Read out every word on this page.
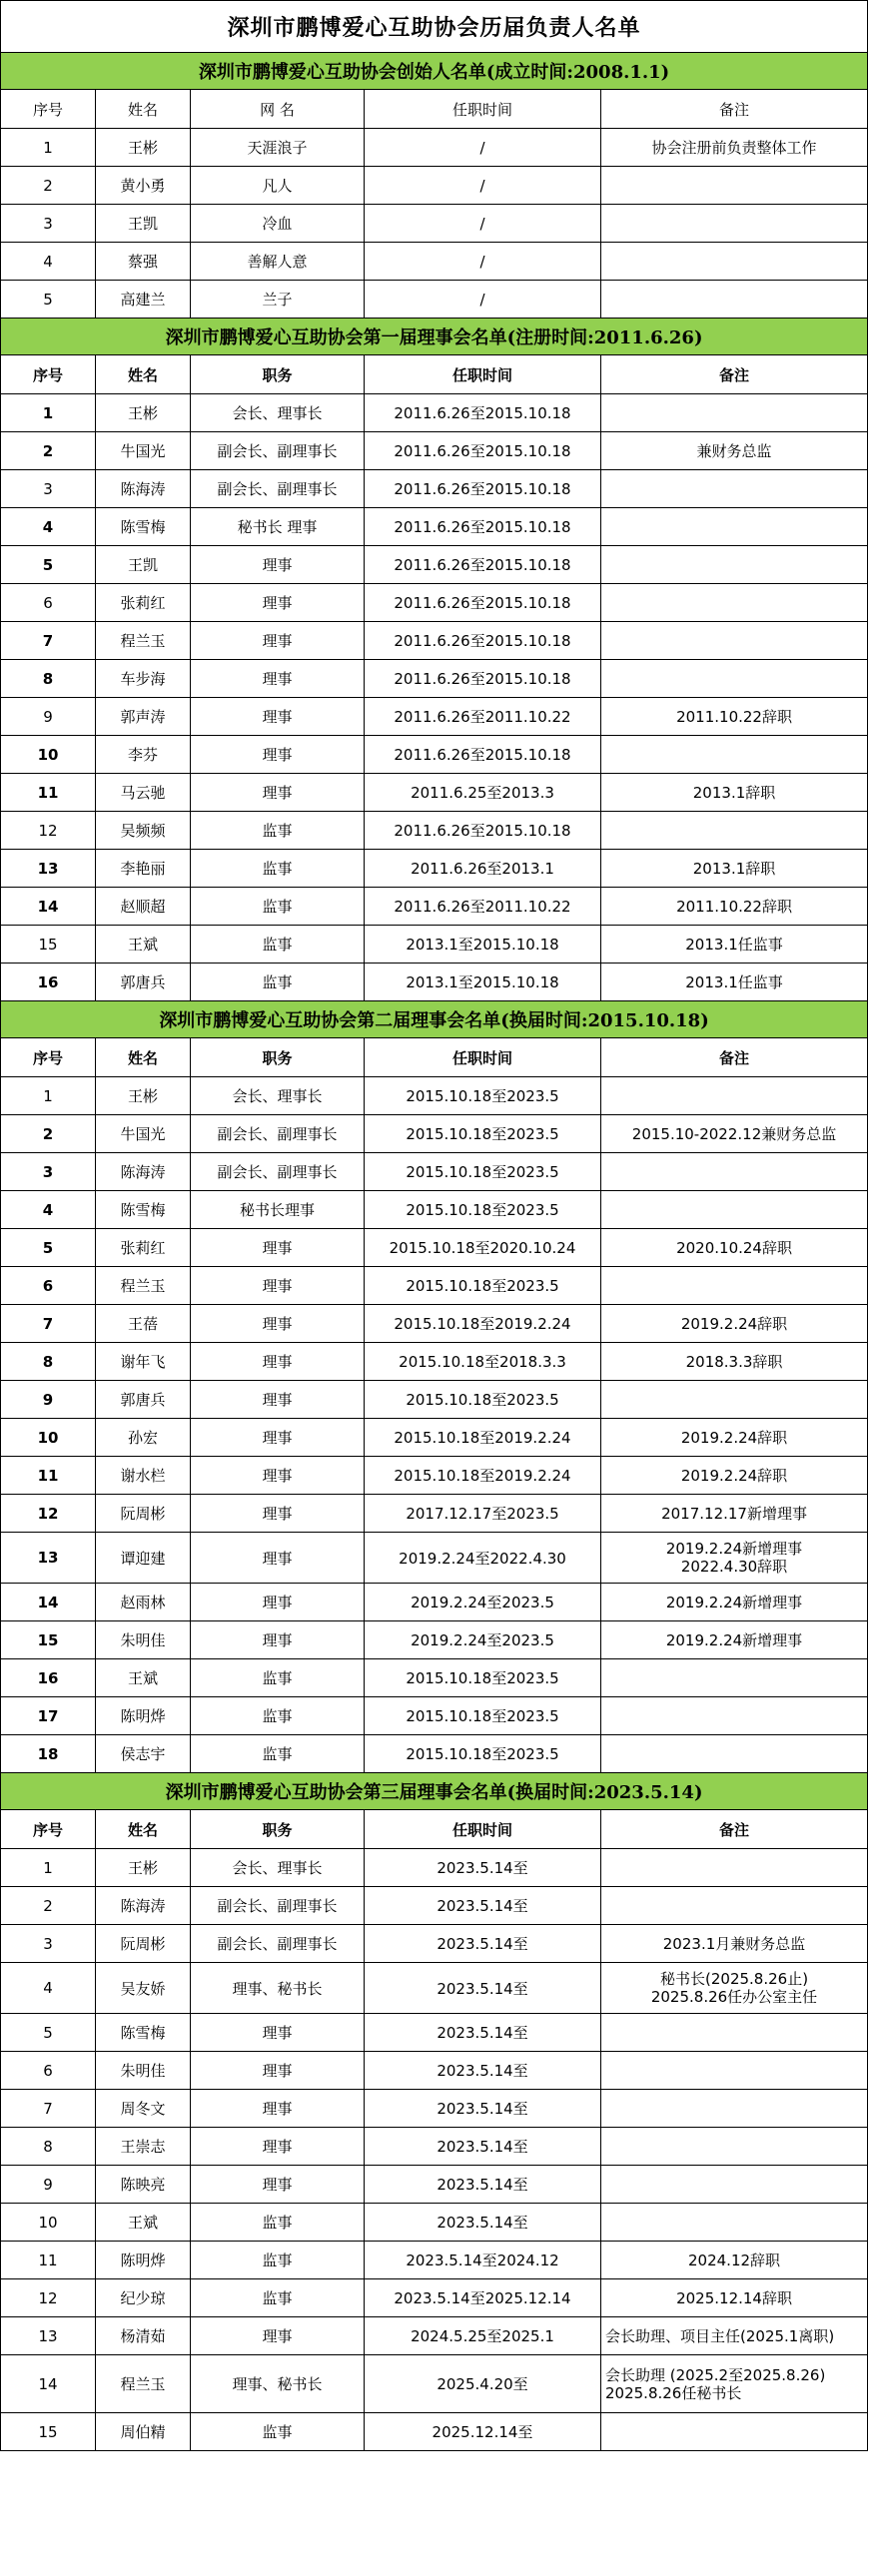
深圳市鹏博爱心互助协会历届负责人名单				
深圳市鹏博爱心互助协会创始人名单(成立时间:2008.1.1)				
序号	姓名	网 名	任职时间	备注
1	王彬	天涯浪子	/	协会注册前负责整体工作
2	黄小勇	凡人	/	
3	王凯	冷血	/	
4	蔡强	善解人意	/	
5	高建兰	兰子	/	
深圳市鹏博爱心互助协会第一届理事会名单(注册时间:2011.6.26)				
序号	姓名	职务	任职时间	备注
1	王彬	会长、理事长	2011.6.26至2015.10.18	
2	牛国光	副会长、副理事长	2011.6.26至2015.10.18	兼财务总监
3	陈海涛	副会长、副理事长	2011.6.26至2015.10.18	
4	陈雪梅	秘书长 理事	2011.6.26至2015.10.18	
5	王凯	理事	2011.6.26至2015.10.18	
6	张莉红	理事	2011.6.26至2015.10.18	
7	程兰玉	理事	2011.6.26至2015.10.18	
8	车步海	理事	2011.6.26至2015.10.18	
9	郭声涛	理事	2011.6.26至2011.10.22	2011.10.22辞职
10	李芬	理事	2011.6.26至2015.10.18	
11	马云驰	理事	2011.6.25至2013.3	2013.1辞职
12	吴频频	监事	2011.6.26至2015.10.18	
13	李艳丽	监事	2011.6.26至2013.1	2013.1辞职
14	赵顺超	监事	2011.6.26至2011.10.22	2011.10.22辞职
15	王斌	监事	2013.1至2015.10.18	2013.1任监事
16	郭唐兵	监事	2013.1至2015.10.18	2013.1任监事
深圳市鹏博爱心互助协会第二届理事会名单(换届时间:2015.10.18)				
序号	姓名	职务	任职时间	备注
1	王彬	会长、理事长	2015.10.18至2023.5	
2	牛国光	副会长、副理事长	2015.10.18至2023.5	2015.10-2022.12兼财务总监
3	陈海涛	副会长、副理事长	2015.10.18至2023.5	
4	陈雪梅	秘书长理事	2015.10.18至2023.5	
5	张莉红	理事	2015.10.18至2020.10.24	2020.10.24辞职
6	程兰玉	理事	2015.10.18至2023.5	
7	王蓓	理事	2015.10.18至2019.2.24	2019.2.24辞职
8	谢年飞	理事	2015.10.18至2018.3.3	2018.3.3辞职
9	郭唐兵	理事	2015.10.18至2023.5	
10	孙宏	理事	2015.10.18至2019.2.24	2019.2.24辞职
11	谢水栏	理事	2015.10.18至2019.2.24	2019.2.24辞职
12	阮周彬	理事	2017.12.17至2023.5	2017.12.17新增理事
13	谭迎建	理事	2019.2.24至2022.4.30	2019.2.24新增理事
2022.4.30辞职
14	赵雨林	理事	2019.2.24至2023.5	2019.2.24新增理事
15	朱明佳	理事	2019.2.24至2023.5	2019.2.24新增理事
16	王斌	监事	2015.10.18至2023.5	
17	陈明烨	监事	2015.10.18至2023.5	
18	侯志宇	监事	2015.10.18至2023.5	
深圳市鹏博爱心互助协会第三届理事会名单(换届时间:2023.5.14)				
序号	姓名	职务	任职时间	备注
1	王彬	会长、理事长	2023.5.14至	
2	陈海涛	副会长、副理事长	2023.5.14至	
3	阮周彬	副会长、副理事长	2023.5.14至	2023.1月兼财务总监
4	吴友娇	理事、秘书长	2023.5.14至	秘书长(2025.8.26止)
2025.8.26任办公室主任
5	陈雪梅	理事	2023.5.14至	
6	朱明佳	理事	2023.5.14至	
7	周冬文	理事	2023.5.14至	
8	王崇志	理事	2023.5.14至	
9	陈映亮	理事	2023.5.14至	
10	王斌	监事	2023.5.14至	
11	陈明烨	监事	2023.5.14至2024.12	2024.12辞职
12	纪少琼	监事	2023.5.14至2025.12.14	2025.12.14辞职
13	杨清茹	理事	2024.5.25至2025.1	会长助理、项目主任(2025.1离职)
14	程兰玉	理事、秘书长	2025.4.20至	会长助理 (2025.2至2025.8.26)
2025.8.26任秘书长
15	周伯精	监事	2025.12.14至	
